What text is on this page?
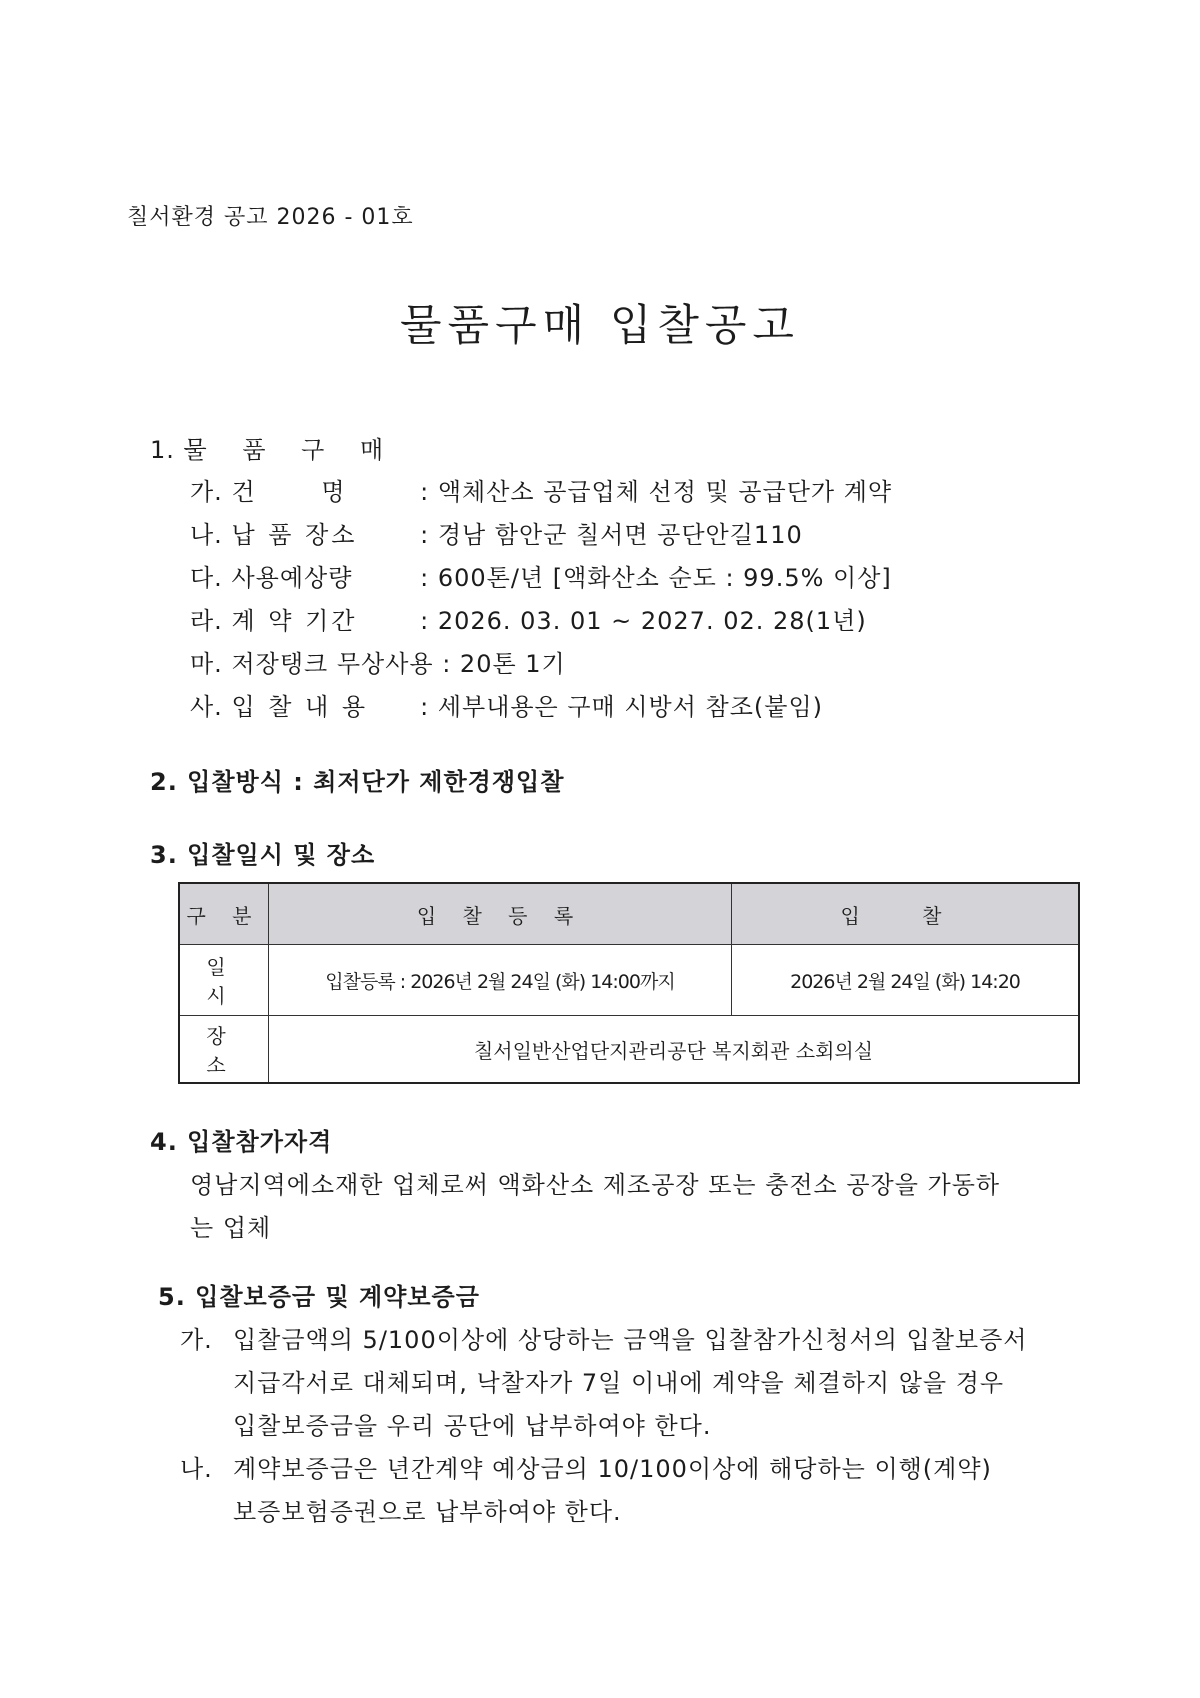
칠서환경 공고 2026 - 01호
물품구매 입찰공고
1. 물 품 구 매
가. 건      명	: 액체산소 공급업체 선정 및 공급단가 계약
나. 납 품 장소	: 경남 함안군 칠서면 공단안길110
다. 사용예상량	: 600톤/년 [액화산소 순도 : 99.5% 이상]
라. 계 약 기간	: 2026. 03. 01 ~ 2027. 02. 28(1년)
마. 저장탱크 무상사용 : 20톤 1기
사. 입 찰 내 용 : 세부내용은 구매 시방서 참조(붙임)
2. 입찰방식 : 최저단가 제한경쟁입찰
3. 입찰일시 및 장소
구 분	입 찰 등 록	입 찰
일 시	입찰등록 : 2026년 2월 24일 (화) 14:00까지	2026년 2월 24일 (화) 14:20
장 소	칠서일반산업단지관리공단 복지회관 소회의실	
4. 입찰참가자격
영남지역에소재한 업체로써 액화산소 제조공장 또는 충전소 공장을 가동하
는 업체
5. 입찰보증금 및 계약보증금
가. 입찰금액의 5/100이상에 상당하는 금액을 입찰참가신청서의 입찰보증서
지급각서로 대체되며, 낙찰자가 7일 이내에 계약을 체결하지 않을 경우
입찰보증금을 우리 공단에 납부하여야 한다.
나. 계약보증금은 년간계약 예상금의 10/100이상에 해당하는 이행(계약)
보증보험증권으로 납부하여야 한다.
